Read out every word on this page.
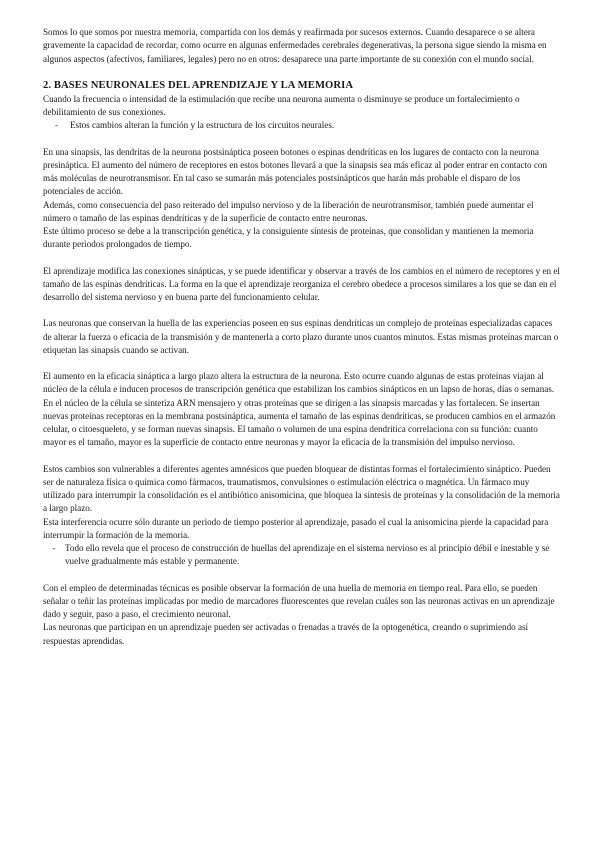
Somos lo que somos por nuestra memoria, compartida con los demás y reafirmada por sucesos externos. Cuando desaparece o se altera gravemente la capacidad de recordar, como ocurre en algunas enfermedades cerebrales degenerativas, la persona sigue siendo la misma en algunos aspectos (afectivos, familiares, legales) pero no en otros: desaparece una parte importante de su conexión con el mundo social.

2. BASES NEURONALES DEL APRENDIZAJE Y LA MEMORIA

Cuando la frecuencia o intensidad de la estimulación que recibe una neurona aumenta o disminuye se produce un fortalecimiento o debilitamiento de sus conexiones.

-	Estos cambios alteran la función y la estructura de los circuitos neurales.

En una sinapsis, las dendritas de la neurona postsináptica poseen botones o espinas dendríticas en los lugares de contacto con la neurona presináptica. El aumento del número de receptores en estos botones llevará a que la sinapsis sea más eficaz al poder entrar en contacto con más moléculas de neurotransmisor. En tal caso se sumarán más potenciales postsinápticos que harán más probable el disparo de los potenciales de acción.

Además, como consecuencia del paso reiterado del impulso nervioso y de la liberación de neurotransmisor, también puede aumentar el número o tamaño de las espinas dendríticas y de la superficie de contacto entre neuronas.

Este último proceso se debe a la transcripción genética, y la consiguiente síntesis de proteínas, que consolidan y mantienen la memoria durante periodos prolongados de tiempo.

El aprendizaje modifica las conexiones sinápticas, y se puede identificar y observar a través de los cambios en el número de receptores y en el tamaño de las espinas dendríticas. La forma en la que el aprendizaje reorganiza el cerebro obedece a procesos similares a los que se dan en el desarrollo del sistema nervioso y en buena parte del funcionamiento celular.

Las neuronas que conservan la huella de las experiencias poseen en sus espinas dendríticas un complejo de proteínas especializadas capaces de alterar la fuerza o eficacia de la transmisión y de mantenerla a corto plazo durante unos cuantos minutos. Estas mismas proteínas marcan o etiquetan las sinapsis cuando se activan.

El aumento en la eficacia sináptica a largo plazo altera la estructura de la neurona. Esto ocurre cuando algunas de estas proteínas viajan al núcleo de la célula e inducen procesos de transcripción genética que estabilizan los cambios sinápticos en un lapso de horas, días o semanas. En el núcleo de la célula se sintetiza ARN mensajero y otras proteínas que se dirigen a las sinapsis marcadas y las fortalecen. Se insertan nuevas proteínas receptoras en la membrana postsináptica, aumenta el tamaño de las espinas dendríticas, se producen cambios en el armazón celular, o citoesqueleto, y se forman nuevas sinapsis. El tamaño o volumen de una espina dendrítica correlaciona con su función: cuanto mayor es el tamaño, mayor es la superficie de contacto entre neuronas y mayor la eficacia de la transmisión del impulso nervioso.

Estos cambios son vulnerables a diferentes agentes amnésicos que pueden bloquear de distintas formas el fortalecimiento sináptico. Pueden ser de naturaleza física o química como fármacos, traumatismos, convulsiones o estimulación eléctrica o magnética. Un fármaco muy utilizado para interrumpir la consolidación es el antibiótico anisomicina, que bloquea la síntesis de proteínas y la consolidación de la memoria a largo plazo.

Esta interferencia ocurre sólo durante un periodo de tiempo posterior al aprendizaje, pasado el cual la anisomicina pierde la capacidad para interrumpir la formación de la memoria.

-	Todo ello revela que el proceso de construcción de huellas del aprendizaje en el sistema nervioso es al principio débil e inestable y se vuelve gradualmente más estable y permanente.

Con el empleo de determinadas técnicas es posible observar la formación de una huella de memoria en tiempo real. Para ello, se pueden señalar o teñir las proteínas implicadas por medio de marcadores fluorescentes que revelan cuáles son las neuronas activas en un aprendizaje dado y seguir, paso a paso, el crecimiento neuronal.

Las neuronas que participan en un aprendizaje pueden ser activadas o frenadas a través de la optogenética, creando o suprimiendo así respuestas aprendidas.
